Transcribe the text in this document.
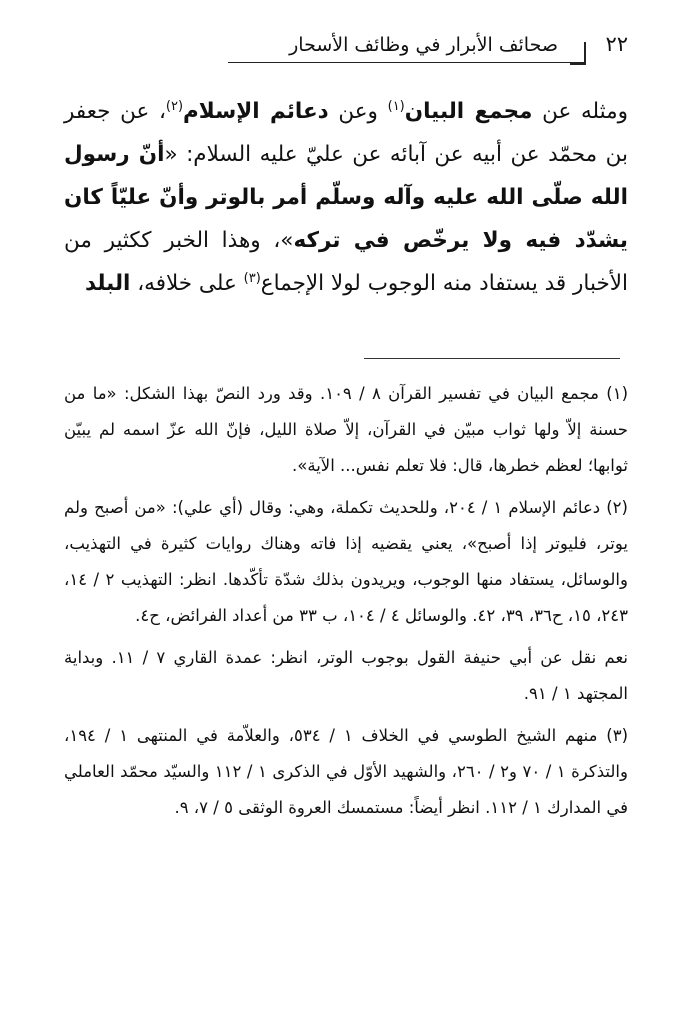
٢٢
صحائف الأبرار في وظائف الأسحار
ومثله عن مجمع البيان$^{(١)}$ وعن دعائم الإسلام$^{(٢)}$، عن جعفر بن محمّد عن أبيه عن آبائه عن عليّ عليه السلام: «أنّ رسول الله صلّى الله عليه وآله وسلّم أمر بالوتر وأنّ عليّاً كان يشدّد فيه ولا يرخّص في تركه»، وهذا الخبر ككثير من الأخبار قد يستفاد منه الوجوب لولا الإجماع$^{(٣)}$ على خلافه، البلد

(١) مجمع البيان في تفسير القرآن ٨ / ١٠٩. وقد ورد النصّ بهذا الشكل: «ما من حسنة إلاّ ولها ثواب مبيّن في القرآن، إلاّ صلاة الليل، فإنّ الله عزّ اسمه لم يبيّن ثوابها؛ لعظم خطرها، قال: فلا تعلم نفس... الآية».

(٢) دعائم الإسلام ١ / ٢٠٤، وللحديث تكملة، وهي: وقال (أي علي): «من أصبح ولم يوتر، فليوتر إذا أصبح»، يعني يقضيه إذا فاته وهناك روايات كثيرة في التهذيب، والوسائل، يستفاد منها الوجوب، ويريدون بذلك شدّة تأكّدها. انظر: التهذيب ٢ / ١٤، ٢٤٣، ١٥، ح٣٦، ٣٩، ٤٢. والوسائل ٤ / ١٠٤، ب ٣٣ من أعداد الفرائض، ح٤.

نعم نقل عن أبي حنيفة القول بوجوب الوتر، انظر: عمدة القاري ٧ / ١١. وبداية المجتهد ١ / ٩١.

(٣) منهم الشيخ الطوسي في الخلاف ١ / ٥٣٤، والعلاّمة في المنتهى ١ / ١٩٤، والتذكرة ١ / ٧٠ و٢ / ٢٦٠، والشهيد الأوّل في الذكرى ١ / ١١٢ والسيّد محمّد العاملي في المدارك ١ / ١١٢. انظر أيضاً: مستمسك العروة الوثقى ٥ / ٧، ٩.
